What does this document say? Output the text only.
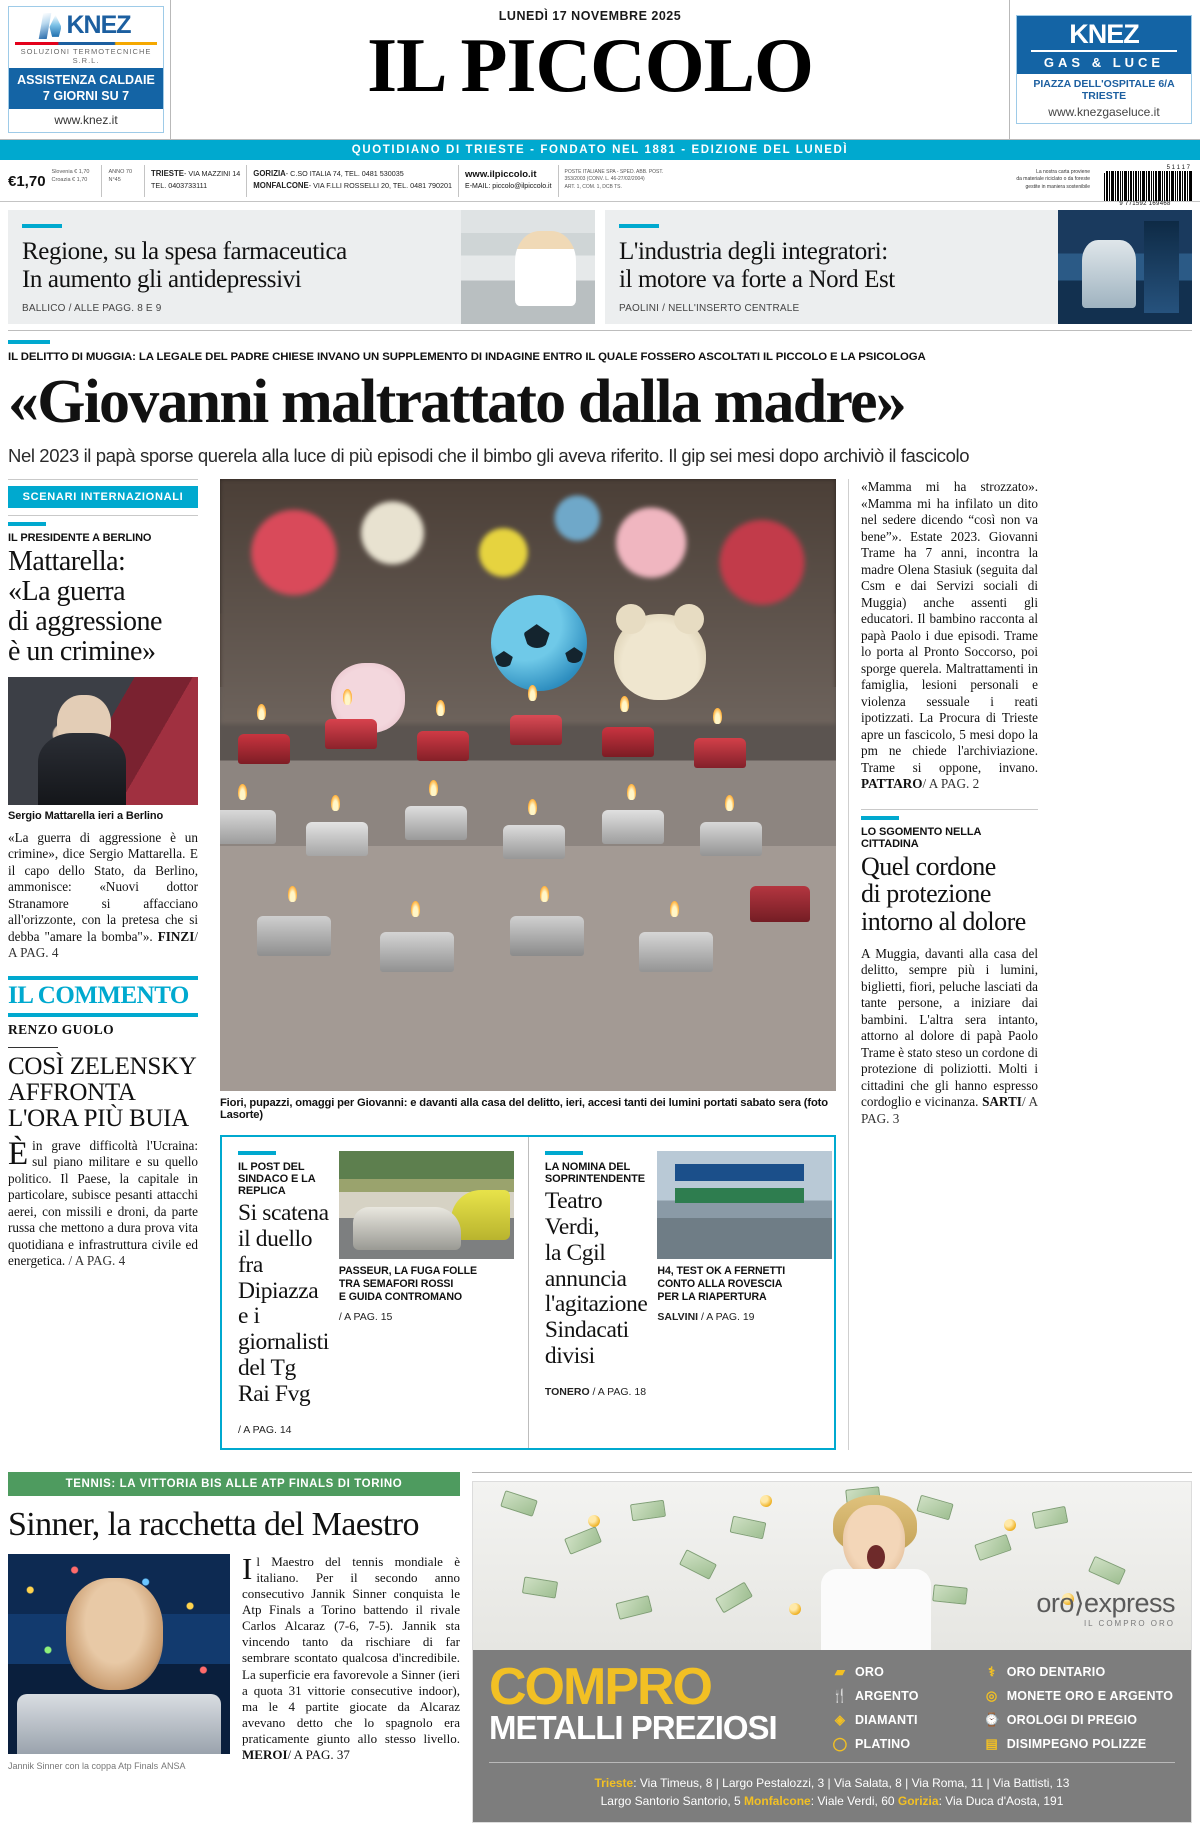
KNEZ
SOLUZIONI TERMOTECNICHE S.R.L.
ASSISTENZA CALDAIE
7 GIORNI SU 7
www.knez.it
LUNEDÌ 17 NOVEMBRE 2025
IL PICCOLO	KNEZ
GAS & LUCE
PIAZZA DELL'OSPITALE 6/A TRIESTE
www.knezgaseluce.it
QUOTIDIANO DI TRIESTE - FONDATO NEL 1881 - EDIZIONE DEL LUNEDÌ
€1,70
Slovenia € 1,70
Croazia € 1,70
ANNO 70
N°45
TRIESTE- VIA MAZZINI 14
TEL. 0403733111
GORIZIA- C.SO ITALIA 74, TEL. 0481 530035
MONFALCONE- VIA F.LLI ROSSELLI 20, TEL. 0481 790201
www.ilpiccolo.it
E-MAIL: piccolo@ilpiccolo.it
POSTE ITALIANE SPA - SPED. ABB. POST.
353/2003 (CONV. L. 46-27/02/2004)
ART. 1, COM. 1, DCB TS.
La nostra carta proviene
da materiale riciclato o da foreste
gestite in maniera sostenibile
5 1 1 1 7
9 771592 169468
Regione, su la spesa farmaceutica
In aumento gli antidepressivi
BALLICO / ALLE PAGG. 8 E 9
L'industria degli integratori:
il motore va forte a Nord Est
PAOLINI / NELL'INSERTO CENTRALE
IL DELITTO DI MUGGIA: LA LEGALE DEL PADRE CHIESE INVANO UN SUPPLEMENTO DI INDAGINE ENTRO IL QUALE FOSSERO ASCOLTATI IL PICCOLO E LA PSICOLOGA
«Giovanni maltrattato dalla madre»
Nel 2023 il papà sporse querela alla luce di più episodi che il bimbo gli aveva riferito. Il gip sei mesi dopo archiviò il fascicolo
SCENARI INTERNAZIONALI
IL PRESIDENTE A BERLINO
Mattarella:
«La guerra
di aggressione
è un crimine»
Sergio Mattarella ieri a Berlino
«La guerra di aggressione è un crimine», dice Sergio Mattarella. E il capo dello Stato, da Berlino, ammonisce: «Nuovi dottor Stranamore si affacciano all'orizzonte, con la pretesa che si debba "amare la bomba"». FINZI/ A PAG. 4
IL COMMENTO
RENZO GUOLO
COSÌ ZELENSKY
AFFRONTA
L'ORA PIÙ BUIA
È in grave difficoltà l'Ucraina: sul piano militare e su quello politico. Il Paese, la capitale in particolare, subisce pesanti attacchi aerei, con missili e droni, da parte russa che mettono a dura prova vita quotidiana e infrastruttura civile ed energetica. / A PAG. 4
Fiori, pupazzi, omaggi per Giovanni: e davanti alla casa del delitto, ieri, accesi tanti dei lumini portati sabato sera (foto Lasorte)
IL POST DEL SINDACO E LA REPLICA
Si scatena il duello
fra Dipiazza
e i giornalisti
del Tg Rai Fvg
/ A PAG. 14
PASSEUR, LA FUGA FOLLE
TRA SEMAFORI ROSSI
E GUIDA CONTROMANO
/ A PAG. 15
LA NOMINA DEL SOPRINTENDENTE
Teatro Verdi,
la Cgil annuncia
l'agitazione
Sindacati divisi
TONERO / A PAG. 18
H4, TEST OK A FERNETTI
CONTO ALLA ROVESCIA
PER LA RIAPERTURA
SALVINI / A PAG. 19
«Mamma mi ha strozzato». «Mamma mi ha infilato un dito nel sedere dicendo “così non va bene”». Estate 2023. Giovanni Trame ha 7 anni, incontra la madre Olena Stasiuk (seguita dal Csm e dai Servizi sociali di Muggia) anche assenti gli educatori. Il bambino racconta al papà Paolo i due episodi. Trame lo porta al Pronto Soccorso, poi sporge querela. Maltrattamenti in famiglia, lesioni personali e violenza sessuale i reati ipotizzati. La Procura di Trieste apre un fascicolo, 5 mesi dopo la pm ne chiede l'archiviazione. Trame si oppone, invano. PATTARO/ A PAG. 2
LO SGOMENTO NELLA CITTADINA
Quel cordone
di protezione
intorno al dolore
A Muggia, davanti alla casa del delitto, sempre più i lumini, biglietti, fiori, peluche lasciati da tante persone, a iniziare dai bambini. L'altra sera intanto, attorno al dolore di papà Paolo Trame è stato steso un cordone di protezione di poliziotti. Molti i cittadini che gli hanno espresso cordoglio e vicinanza. SARTI/ A PAG. 3
TENNIS: LA VITTORIA BIS ALLE ATP FINALS DI TORINO
Sinner, la racchetta del Maestro
Jannik Sinner con la coppa Atp Finals ANSA
Il Maestro del tennis mondiale è italiano. Per il secondo anno consecutivo Jannik Sinner conquista le Atp Finals a Torino battendo il rivale Carlos Alcaraz (7-6, 7-5). Jannik sta vincendo tanto da rischiare di far sembrare scontato qualcosa d'incredibile. La superficie era favorevole a Sinner (ieri a quota 31 vittorie consecutive indoor), ma le 4 partite giocate da Alcaraz avevano detto che lo spagnolo era praticamente giunto allo stesso livello. MEROI/ A PAG. 37
oro⟩express
IL COMPRO ORO
COMPRO
METALLI PREZIOSI
▰ ORO	⚕ ORO DENTARIO
🍴 ARGENTO	◎ MONETE ORO E ARGENTO
◈ DIAMANTI	⌚ OROLOGI DI PREGIO
◯ PLATINO	▤ DISIMPEGNO POLIZZE
Trieste: Via Timeus, 8 | Largo Pestalozzi, 3 | Via Salata, 8 | Via Roma, 11 | Via Battisti, 13
Largo Santorio Santorio, 5 Monfalcone: Viale Verdi, 60 Gorizia: Via Duca d'Aosta, 191
